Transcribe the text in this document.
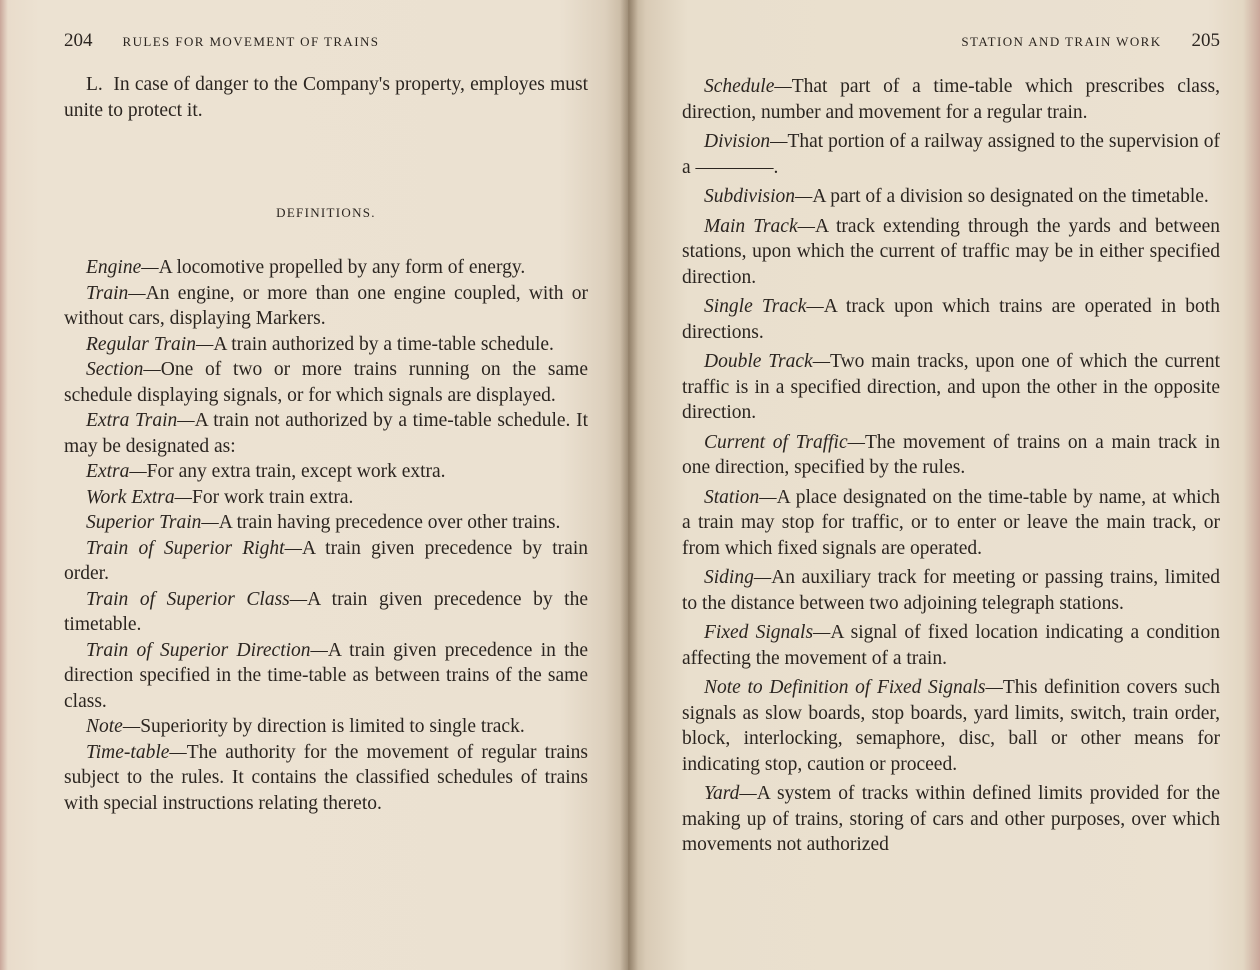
204 RULES FOR MOVEMENT OF TRAINS

L. In case of danger to the Company's property, employes must unite to protect it.

DEFINITIONS.

Engine—A locomotive propelled by any form of energy.

Train—An engine, or more than one engine coupled, with or without cars, displaying Markers.

Regular Train—A train authorized by a time-table schedule.

Section—One of two or more trains running on the same schedule displaying signals, or for which signals are displayed.

Extra Train—A train not authorized by a time-table schedule. It may be designated as:

Extra—For any extra train, except work extra.

Work Extra—For work train extra.

Superior Train—A train having precedence over other trains.

Train of Superior Right—A train given precedence by train order.

Train of Superior Class—A train given precedence by the timetable.

Train of Superior Direction—A train given precedence in the direction specified in the time-table as between trains of the same class.

Note—Superiority by direction is limited to single track.

Time-table—The authority for the movement of regular trains subject to the rules. It contains the classified schedules of trains with special instructions relating thereto.

STATION AND TRAIN WORK 205

Schedule—That part of a time-table which prescribes class, direction, number and movement for a regular train.

Division—That portion of a railway assigned to the supervision of a ————.

Subdivision—A part of a division so designated on the timetable.

Main Track—A track extending through the yards and between stations, upon which the current of traffic may be in either specified direction.

Single Track—A track upon which trains are operated in both directions.

Double Track—Two main tracks, upon one of which the current traffic is in a specified direction, and upon the other in the opposite direction.

Current of Traffic—The movement of trains on a main track in one direction, specified by the rules.

Station—A place designated on the time-table by name, at which a train may stop for traffic, or to enter or leave the main track, or from which fixed signals are operated.

Siding—An auxiliary track for meeting or passing trains, limited to the distance between two adjoining telegraph stations.

Fixed Signals—A signal of fixed location indicating a condition affecting the movement of a train.

Note to Definition of Fixed Signals—This definition covers such signals as slow boards, stop boards, yard limits, switch, train order, block, interlocking, semaphore, disc, ball or other means for indicating stop, caution or proceed.

Yard—A system of tracks within defined limits provided for the making up of trains, storing of cars and other purposes, over which movements not authorized
